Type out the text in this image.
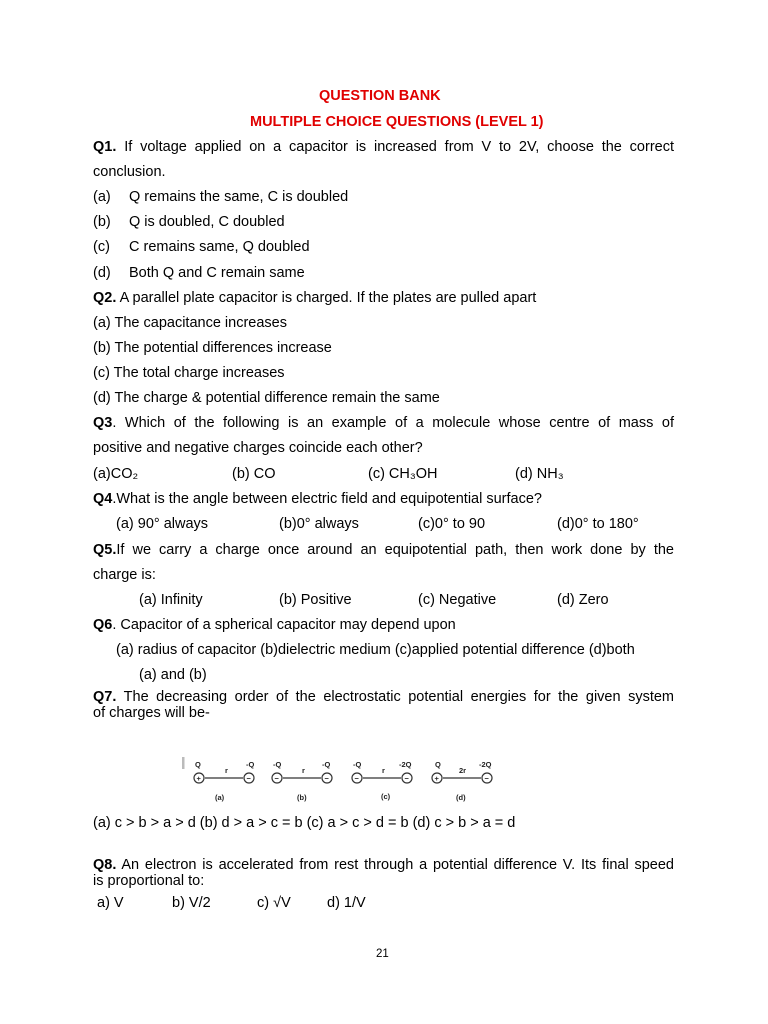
QUESTION BANK
MULTIPLE CHOICE QUESTIONS (LEVEL 1)
Q1. If voltage applied on a capacitor is increased from V to 2V, choose the correct
conclusion.
(a) Q remains the same, C is doubled
(b) Q is doubled, C doubled
(c) C remains same, Q doubled
(d) Both Q and C remain same
Q2. A parallel plate capacitor is charged. If the plates are pulled apart
(a) The capacitance increases
(b) The potential differences increase
(c) The total charge increases
(d) The charge & potential difference remain the same
Q3. Which of the following is an example of a molecule whose centre of mass of
positive and negative charges coincide each other?
(a)CO₂	(b) CO	(c) CH₃OH	(d) NH₃
Q4.What is the angle between electric field and equipotential surface?
(a) 90° always	(b)0° always	(c)0° to 90	(d)0° to 180°
Q5.If we carry a charge once around an equipotential path, then work done by the
charge is:
(a) Infinity	(b) Positive	(c) Negative	(d) Zero
Q6. Capacitor of a spherical capacitor may depend upon
(a) radius of capacitor (b)dielectric medium (c)applied potential difference (d)both
(a) and (b)
Q7. The decreasing order of the electrostatic potential energies for the given system
of charges will be-
Q
r
-Q
+	−
(a)
-Q
r
-Q
−	−
(b)
-Q
r
-2Q
−	−
(c)
Q
2r
-2Q
+	−
(d)
(a) c > b > a > d (b) d > a > c = b (c) a > c > d = b (d) c > b > a = d
Q8. An electron is accelerated from rest through a potential difference V. Its final speed
is proportional to:
a) V	b) V/2	c) √V	d) 1/V
21
